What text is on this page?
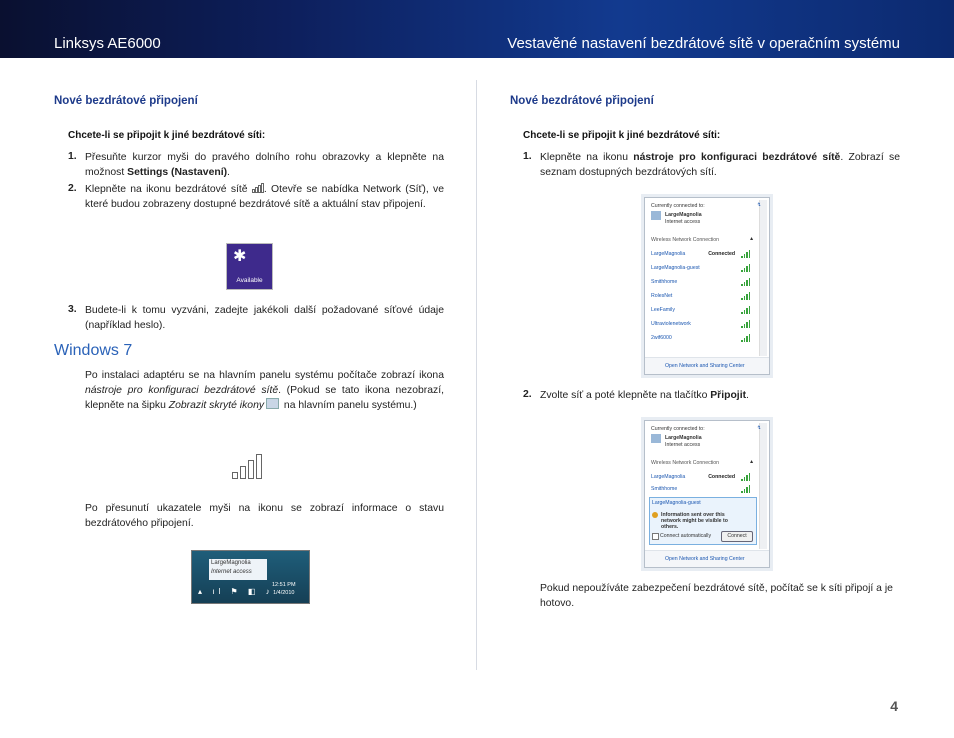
Linksys AE6000	Vestavěné nastavení bezdrátové sítě v operačním systému
Nové bezdrátové připojení
Chcete-li se připojit k jiné bezdrátové síti:
1. Přesuňte kurzor myši do pravého dolního rohu obrazovky a klepněte na možnost Settings (Nastavení).
2. Klepněte na ikonu bezdrátové sítě
. Otevře se nabídka Network (Síť), ve které budou zobrazeny dostupné bezdrátové sítě a aktuální stav připojení.
✱
Available
3. Budete-li k tomu vyzváni, zadejte jakékoli další požadované síťové údaje (například heslo).
Windows 7
Po instalaci adaptéru se na hlavním panelu systému počítače zobrazí ikona nástroje pro konfiguraci bezdrátové sítě. (Pokud se tato ikona nezobrazí, klepněte na šipku Zobrazit skryté ikony na hlavním panelu systému.)
Po přesunutí ukazatele myši na ikonu se zobrazí informace o stavu bezdrátového připojení.
LargeMagnolia
Internet access
12:51 PM
1/4/2010
▴ ıl ⚑ ◧ ♪
Nové bezdrátové připojení
Chcete-li se připojit k jiné bezdrátové síti:
1. Klepněte na ikonu nástroje pro konfiguraci bezdrátové sítě. Zobrazí se seznam dostupných bezdrátových sítí.
Currently connected to:	↯
LargeMagnolia
Internet access
Wireless Network Connection	▲
LargeMagnolia	Connected
LargeMagnolia-guest
Smithhome
RolesNet
LeeFamily
Ultraviolenetwork
2wif6000
Open Network and Sharing Center
2. Zvolte síť a poté klepněte na tlačítko Připojit.
Currently connected to:	↯
LargeMagnolia
Internet access
Wireless Network Connection	▲
LargeMagnolia	Connected
Smithhome
LargeMagnolia-guest
Information sent over this network might be visible to others.
Connect automatically	Connect
Open Network and Sharing Center
Pokud nepoužíváte zabezpečení bezdrátové sítě, počítač se k síti připojí a je hotovo.
4
